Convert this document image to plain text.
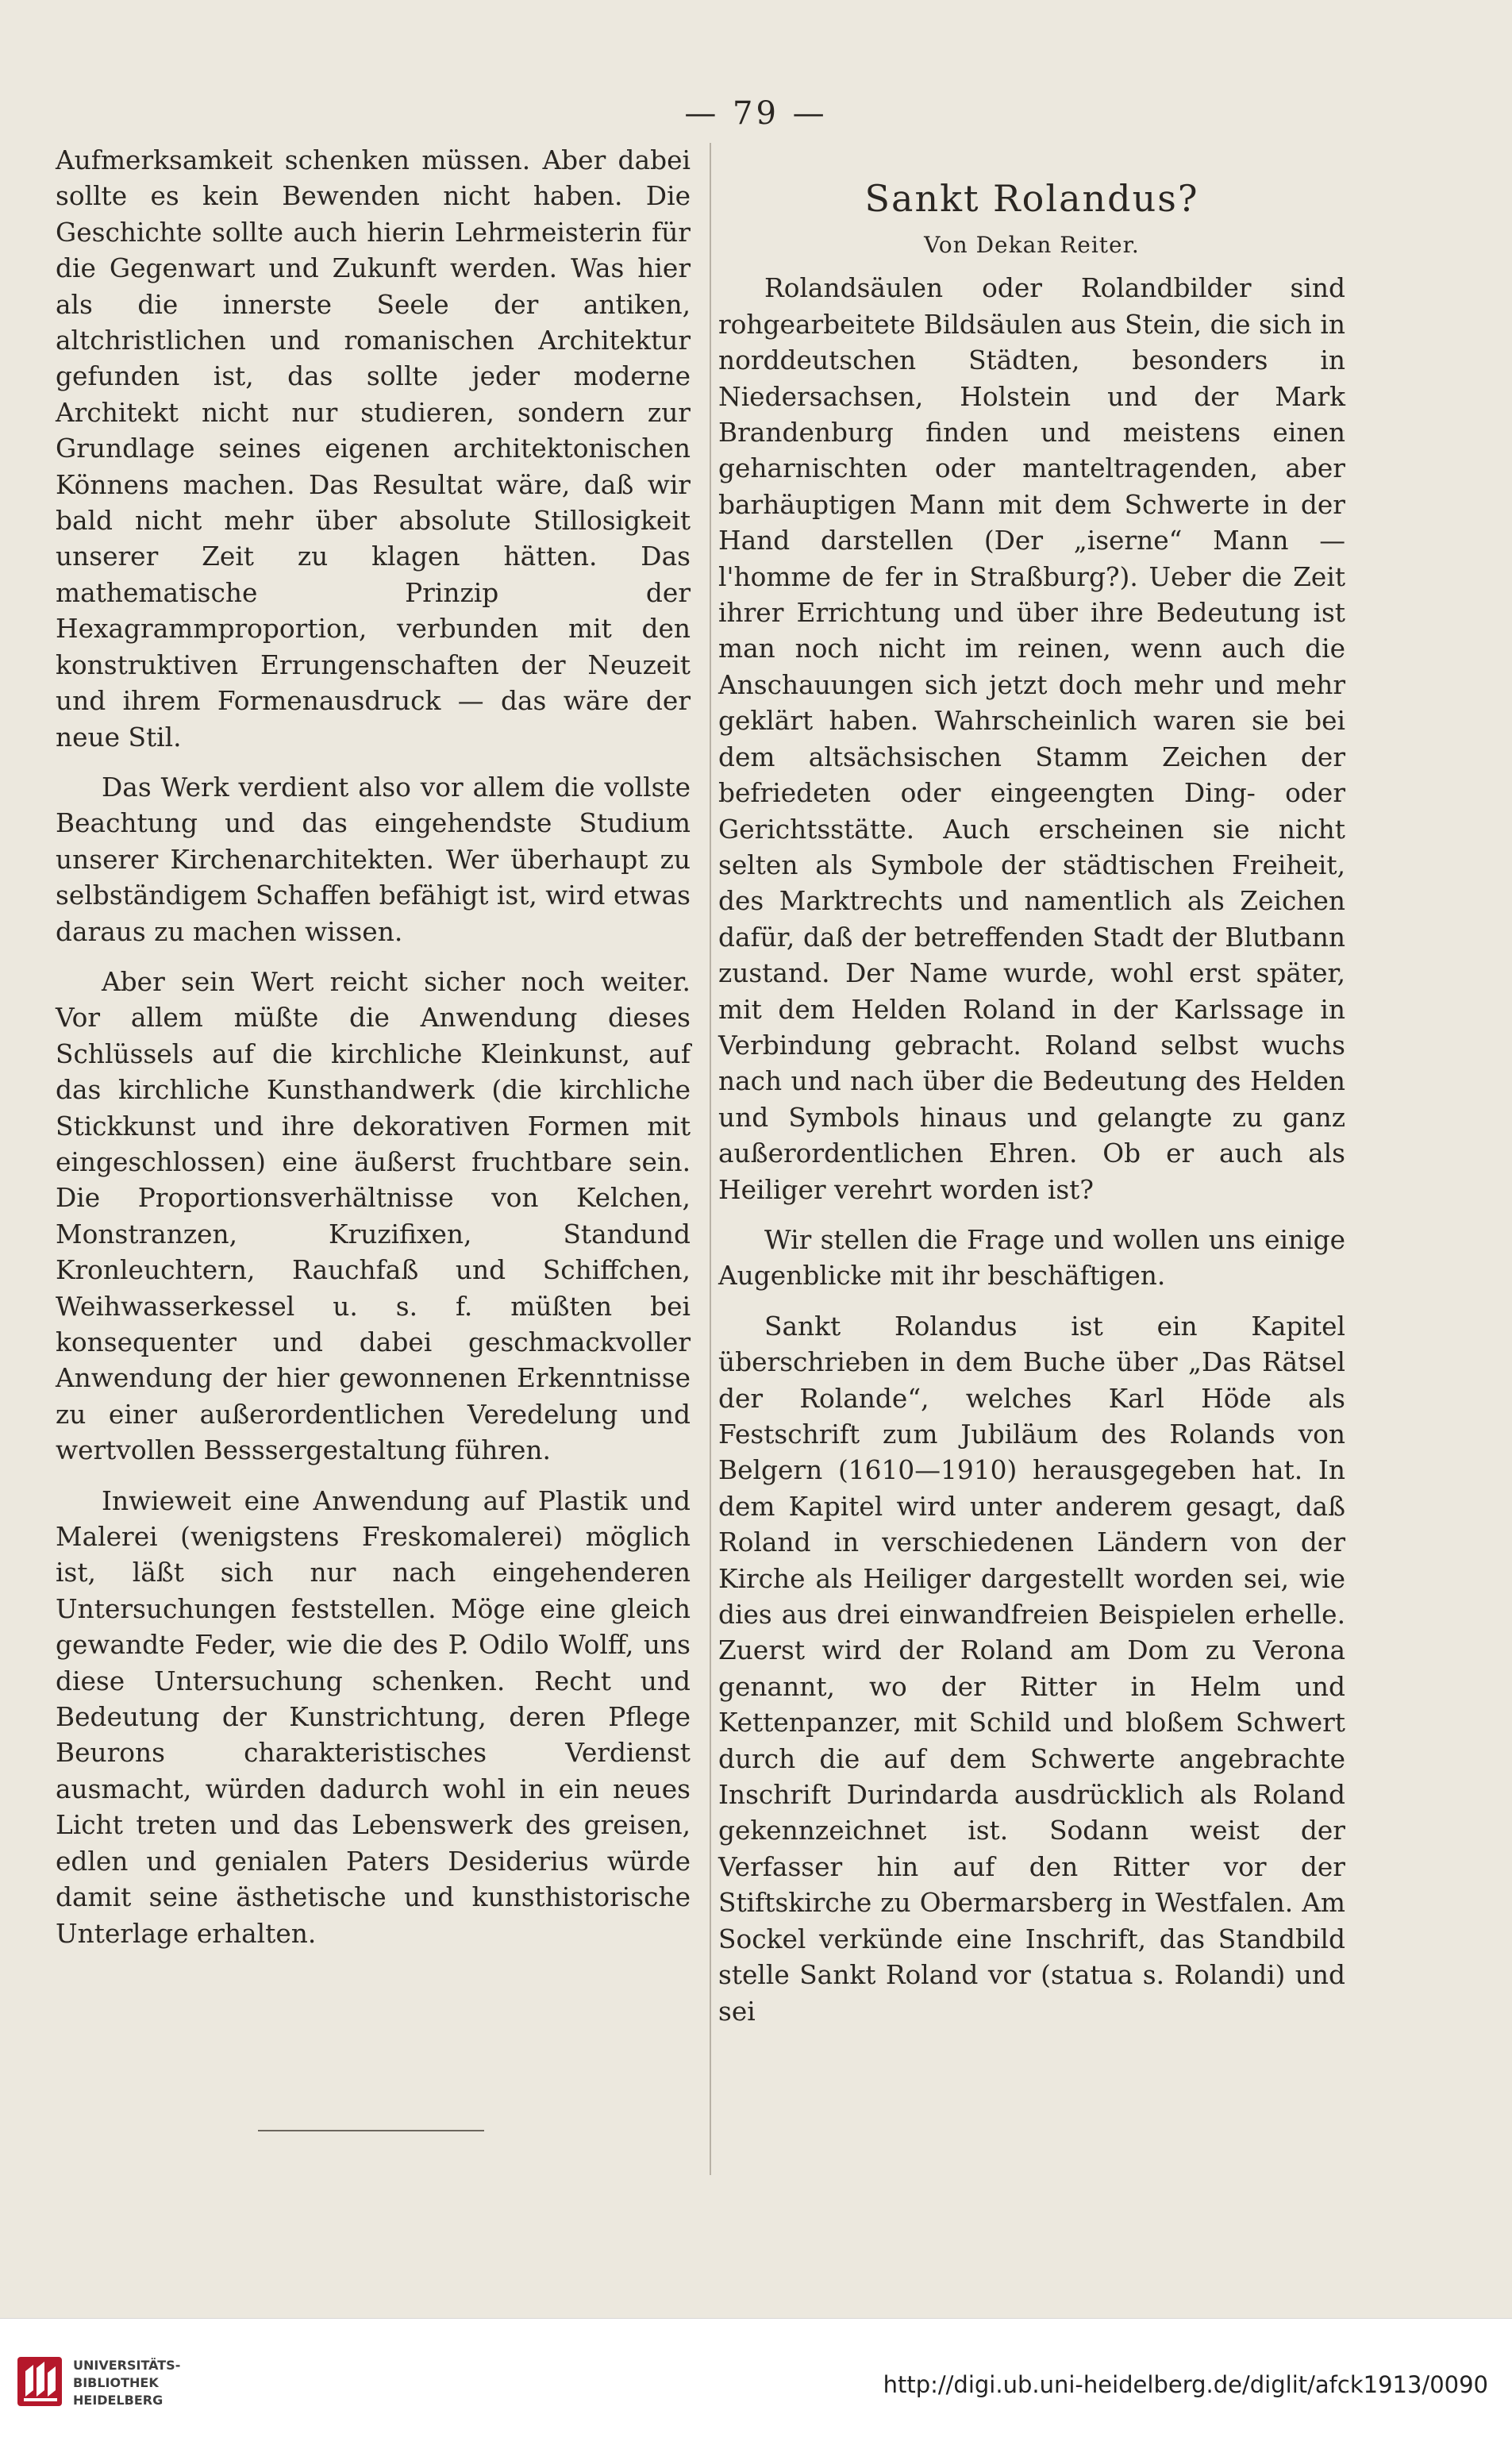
— 79 —

Aufmerksamkeit schenken müssen. Aber dabei sollte es kein Bewenden nicht haben. Die Geschichte sollte auch hierin Lehrmeisterin für die Gegenwart und Zukunft werden. Was hier als die innerste Seele der antiken, altchristlichen und romanischen Architektur gefunden ist, das sollte jeder moderne Architekt nicht nur studieren, sondern zur Grundlage seines eigenen architektonischen Könnens machen. Das Resultat wäre, daß wir bald nicht mehr über absolute Stillosigkeit unserer Zeit zu klagen hätten. Das mathematische Prinzip der Hexagrammproportion, verbunden mit den konstruktiven Errungenschaften der Neuzeit und ihrem Formenausdruck — das wäre der neue Stil.

Das Werk verdient also vor allem die vollste Beachtung und das eingehendste Studium unserer Kirchenarchitekten. Wer überhaupt zu selbständigem Schaffen befähigt ist, wird etwas daraus zu machen wissen.

Aber sein Wert reicht sicher noch weiter. Vor allem müßte die Anwendung dieses Schlüssels auf die kirchliche Kleinkunst, auf das kirchliche Kunsthandwerk (die kirchliche Stickkunst und ihre dekorativen Formen mit eingeschlossen) eine äußerst fruchtbare sein. Die Proportionsverhältnisse von Kelchen, Monstranzen, Kruzifixen, Standund Kronleuchtern, Rauchfaß und Schiffchen, Weihwasserkessel u. s. f. müßten bei konsequenter und dabei geschmackvoller Anwendung der hier gewonnenen Erkenntnisse zu einer außerordentlichen Veredelung und wertvollen Besssergestaltung führen.

Inwieweit eine Anwendung auf Plastik und Malerei (wenigstens Freskomalerei) möglich ist, läßt sich nur nach eingehenderen Untersuchungen feststellen. Möge eine gleich gewandte Feder, wie die des P. Odilo Wolff, uns diese Untersuchung schenken. Recht und Bedeutung der Kunstrichtung, deren Pflege Beurons charakteristisches Verdienst ausmacht, würden dadurch wohl in ein neues Licht treten und das Lebenswerk des greisen, edlen und genialen Paters Desiderius würde damit seine ästhetische und kunsthistorische Unterlage erhalten.

Sankt Rolandus?
Von Dekan Reiter.

Rolandsäulen oder Rolandbilder sind rohgearbeitete Bildsäulen aus Stein, die sich in norddeutschen Städten, besonders in Niedersachsen, Holstein und der Mark Brandenburg finden und meistens einen geharnischten oder manteltragenden, aber barhäuptigen Mann mit dem Schwerte in der Hand darstellen (Der „iserne“ Mann — l'homme de fer in Straßburg?). Ueber die Zeit ihrer Errichtung und über ihre Bedeutung ist man noch nicht im reinen, wenn auch die Anschauungen sich jetzt doch mehr und mehr geklärt haben. Wahrscheinlich waren sie bei dem altsächsischen Stamm Zeichen der befriedeten oder eingeengten Ding- oder Gerichtsstätte. Auch erscheinen sie nicht selten als Symbole der städtischen Freiheit, des Marktrechts und namentlich als Zeichen dafür, daß der betreffenden Stadt der Blutbann zustand. Der Name wurde, wohl erst später, mit dem Helden Roland in der Karlssage in Verbindung gebracht. Roland selbst wuchs nach und nach über die Bedeutung des Helden und Symbols hinaus und gelangte zu ganz außerordentlichen Ehren. Ob er auch als Heiliger verehrt worden ist?

Wir stellen die Frage und wollen uns einige Augenblicke mit ihr beschäftigen.

Sankt Rolandus ist ein Kapitel überschrieben in dem Buche über „Das Rätsel der Rolande“, welches Karl Höde als Festschrift zum Jubiläum des Rolands von Belgern (1610—1910) herausgegeben hat. In dem Kapitel wird unter anderem gesagt, daß Roland in verschiedenen Ländern von der Kirche als Heiliger dargestellt worden sei, wie dies aus drei einwandfreien Beispielen erhelle. Zuerst wird der Roland am Dom zu Verona genannt, wo der Ritter in Helm und Kettenpanzer, mit Schild und bloßem Schwert durch die auf dem Schwerte angebrachte Inschrift Durindarda ausdrücklich als Roland gekennzeichnet ist. Sodann weist der Verfasser hin auf den Ritter vor der Stiftskirche zu Obermarsberg in Westfalen. Am Sockel verkünde eine Inschrift, das Standbild stelle Sankt Roland vor (statua s. Rolandi) und sei

UNIVERSITÄTS-
BIBLIOTHEK
HEIDELBERG
http://digi.ub.uni-heidelberg.de/diglit/afck1913/0090
